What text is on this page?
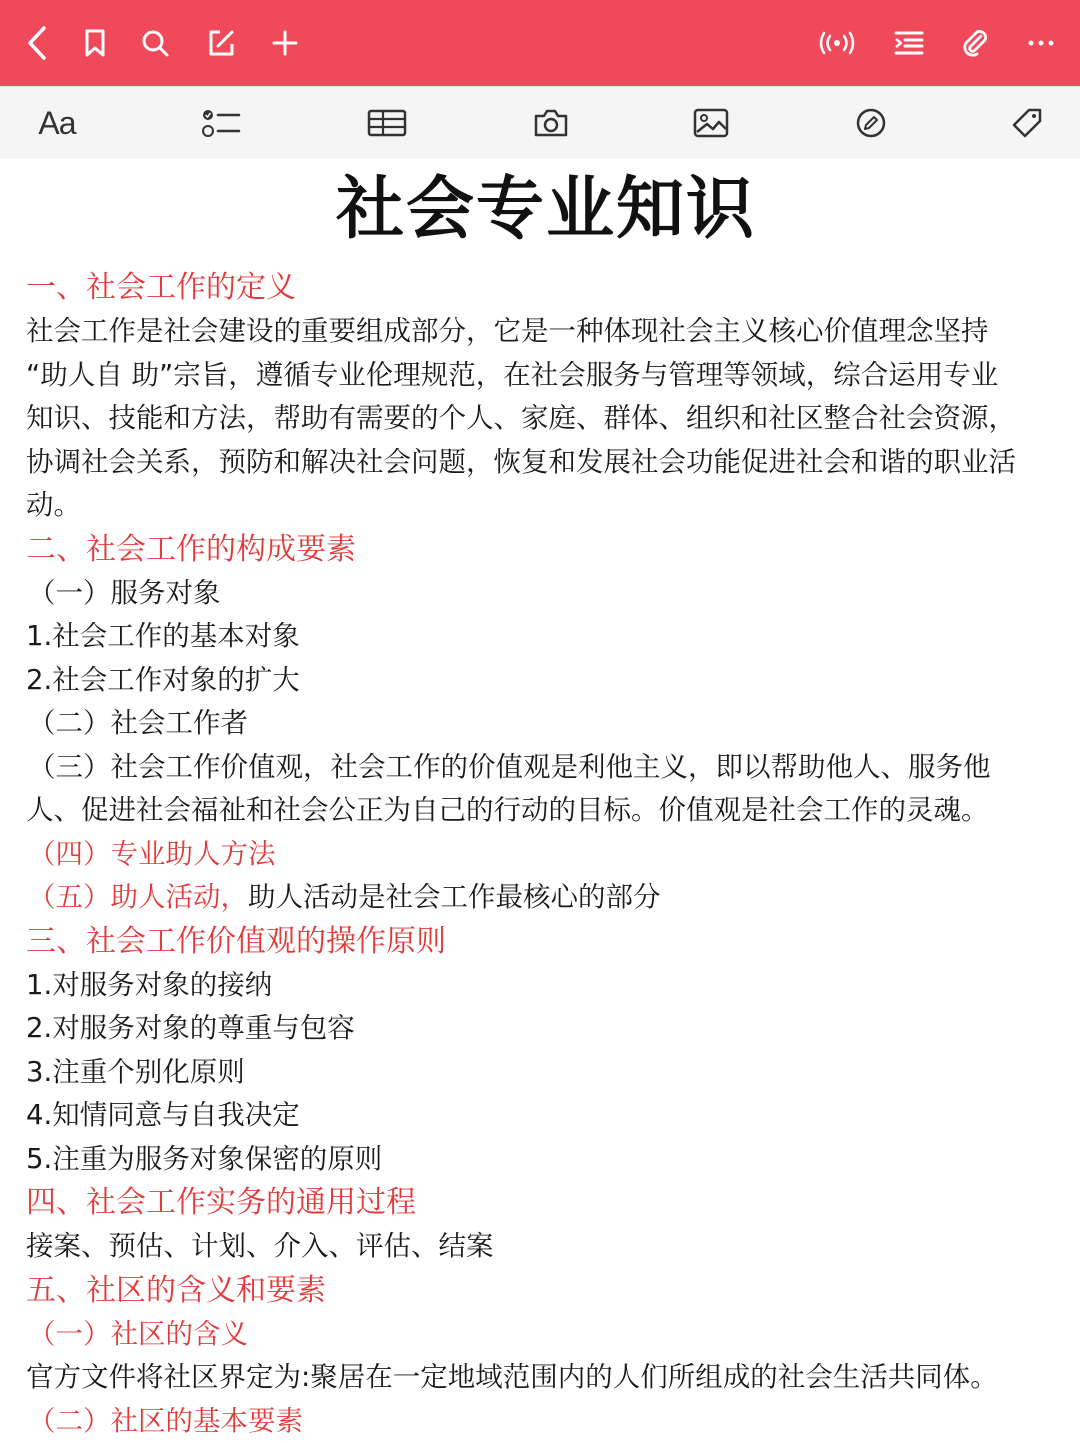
Aa
社会专业知识
一、社会工作的定义
社会工作是社会建设的重要组成部分，它是一种体现社会主义核心价值理念坚持
“助人自 助”宗旨，遵循专业伦理规范，在社会服务与管理等领域，综合运用专业
知识、技能和方法，帮助有需要的个人、家庭、群体、组织和社区整合社会资源，
协调社会关系，预防和解决社会问题，恢复和发展社会功能促进社会和谐的职业活
动。
二、社会工作的构成要素
（一）服务对象
1.社会工作的基本对象
2.社会工作对象的扩大
（二）社会工作者
（三）社会工作价值观，社会工作的价值观是利他主义，即以帮助他人、服务他
人、促进社会福祉和社会公正为自己的行动的目标。价值观是社会工作的灵魂。
（四）专业助人方法
（五）助人活动，助人活动是社会工作最核心的部分
三、社会工作价值观的操作原则
1.对服务对象的接纳
2.对服务对象的尊重与包容
3.注重个别化原则
4.知情同意与自我决定
5.注重为服务对象保密的原则
四、社会工作实务的通用过程
接案、预估、计划、介入、评估、结案
五、社区的含义和要素
（一）社区的含义
官方文件将社区界定为:聚居在一定地域范围内的人们所组成的社会生活共同体。
（二）社区的基本要素
